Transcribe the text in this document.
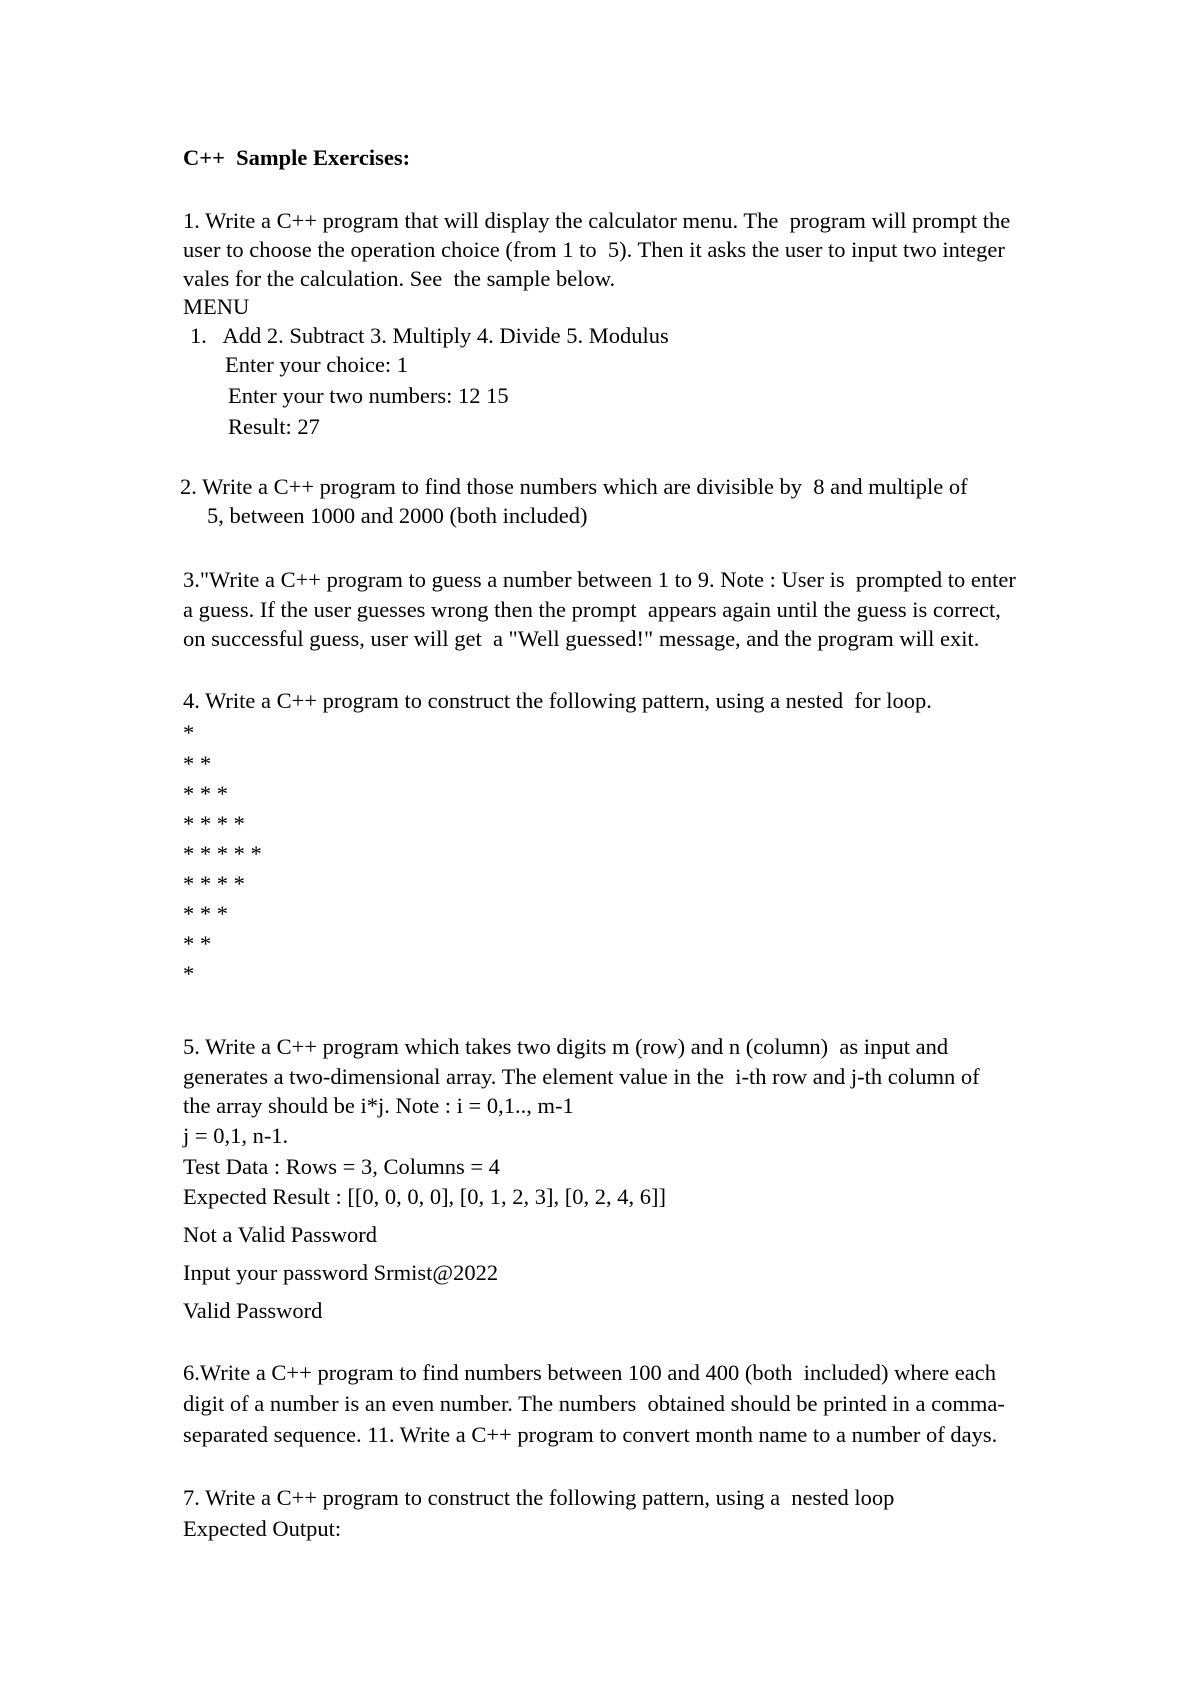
C++  Sample Exercises:
1. Write a C++ program that will display the calculator menu. The  program will prompt the
user to choose the operation choice (from 1 to  5). Then it asks the user to input two integer
vales for the calculation. See  the sample below.
MENU
1.   Add 2. Subtract 3. Multiply 4. Divide 5. Modulus
Enter your choice: 1
Enter your two numbers: 12 15
Result: 27
2. Write a C++ program to find those numbers which are divisible by  8 and multiple of
5, between 1000 and 2000 (both included)
3."Write a C++ program to guess a number between 1 to 9. Note : User is  prompted to enter
a guess. If the user guesses wrong then the prompt  appears again until the guess is correct,
on successful guess, user will get  a "Well guessed!" message, and the program will exit.
4. Write a C++ program to construct the following pattern, using a nested  for loop.
*
* *
* * *
* * * *
* * * * *
* * * *
* * *
* *
*
5. Write a C++ program which takes two digits m (row) and n (column)  as input and
generates a two-dimensional array. The element value in the  i-th row and j-th column of
the array should be i*j. Note : i = 0,1.., m-1
j = 0,1, n-1.
Test Data : Rows = 3, Columns = 4
Expected Result : [[0, 0, 0, 0], [0, 1, 2, 3], [0, 2, 4, 6]]
Not a Valid Password
Input your password Srmist@2022
Valid Password
6.Write a C++ program to find numbers between 100 and 400 (both  included) where each
digit of a number is an even number. The numbers  obtained should be printed in a comma-
separated sequence. 11. Write a C++ program to convert month name to a number of days.
7. Write a C++ program to construct the following pattern, using a  nested loop
Expected Output:
